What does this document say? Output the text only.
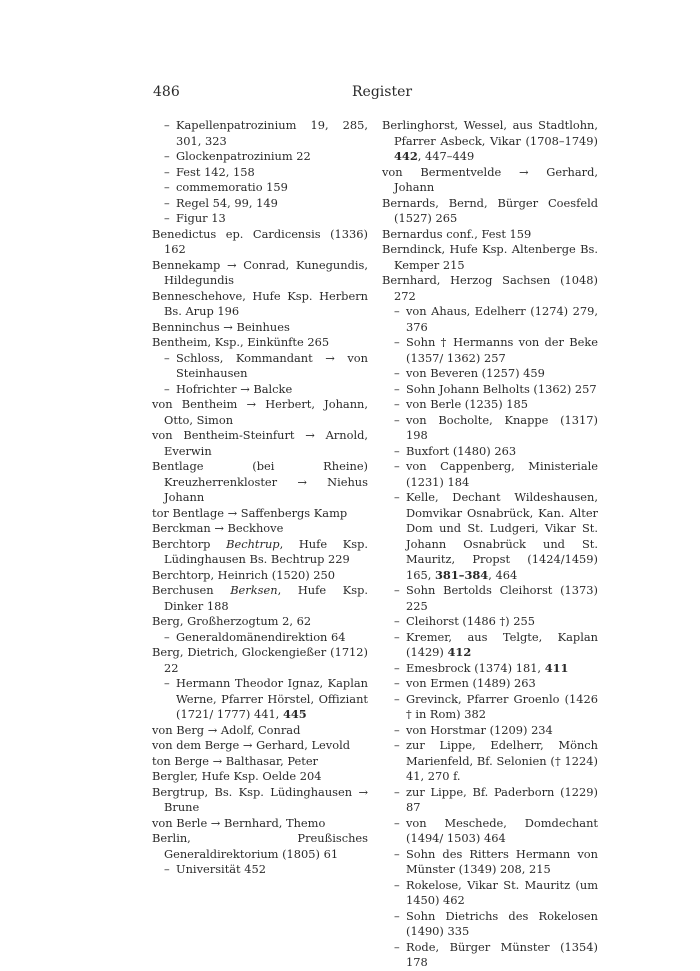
486	Register

– Kapellenpatrozinium 19, 285, 301, 323

– Glockenpatrozinium 22

– Fest 142, 158

– commemoratio 159

– Regel 54, 99, 149

– Figur 13

Benedictus ep. Cardicensis (1336) 162

Bennekamp → Conrad, Kunegundis, Hildegundis

Benneschehove, Hufe Ksp. Herbern Bs. Arup 196

Benninchus → Beinhues

Bentheim, Ksp., Einkünfte 265

– Schloss, Kommandant → von Steinhausen

– Hofrichter → Balcke

von Bentheim → Herbert, Johann, Otto, Simon

von Bentheim-Steinfurt → Arnold, Everwin

Bentlage (bei Rheine) Kreuzherrenkloster → Niehus Johann

tor Bentlage → Saffenbergs Kamp

Berckman → Beckhove

Berchtorp Bechtrup, Hufe Ksp. Lüdinghausen Bs. Bechtrup 229

Berchtorp, Heinrich (1520) 250

Berchusen Berksen, Hufe Ksp. Dinker 188

Berg, Großherzogtum 2, 62

– Generaldomänendirektion 64

Berg, Dietrich, Glockengießer (1712) 22

– Hermann Theodor Ignaz, Kaplan Werne, Pfarrer Hörstel, Offiziant (1721/ 1777) 441, 445

von Berg → Adolf, Conrad

von dem Berge → Gerhard, Levold

ton Berge → Balthasar, Peter

Bergler, Hufe Ksp. Oelde 204

Bergtrup, Bs. Ksp. Lüdinghausen → Brune

von Berle → Bernhard, Themo

Berlin, Preußisches Generaldirektorium (1805) 61

– Universität 452

Berlinghorst, Wessel, aus Stadtlohn, Pfarrer Asbeck, Vikar (1708–1749) 442, 447–449

von Bermentvelde → Gerhard, Johann

Bernards, Bernd, Bürger Coesfeld (1527) 265

Bernardus conf., Fest 159

Berndinck, Hufe Ksp. Altenberge Bs. Kemper 215

Bernhard, Herzog Sachsen (1048) 272

– von Ahaus, Edelherr (1274) 279, 376

– Sohn † Hermanns von der Beke (1357/ 1362) 257

– von Beveren (1257) 459

– Sohn Johann Belholts (1362) 257

– von Berle (1235) 185

– von Bocholte, Knappe (1317) 198

– Buxfort (1480) 263

– von Cappenberg, Ministeriale (1231) 184

– Kelle, Dechant Wildeshausen, Domvikar Osnabrück, Kan. Alter Dom und St. Ludgeri, Vikar St. Johann Osnabrück und St. Mauritz, Propst (1424/1459) 165, 381–384, 464

– Sohn Bertolds Cleihorst (1373) 225

– Cleihorst (1486 †) 255

– Kremer, aus Telgte, Kaplan (1429) 412

– Emesbrock (1374) 181, 411

– von Ermen (1489) 263

– Grevinck, Pfarrer Groenlo (1426 † in Rom) 382

– von Horstmar (1209) 234

– zur Lippe, Edelherr, Mönch Marienfeld, Bf. Selonien († 1224) 41, 270 f.

– zur Lippe, Bf. Paderborn (1229) 87

– von Meschede, Domdechant (1494/ 1503) 464

– Sohn des Ritters Hermann von Münster (1349) 208, 215

– Rokelose, Vikar St. Mauritz (um 1450) 462

– Sohn Dietrichs des Rokelosen (1490) 335

– Rode, Bürger Münster (1354) 178
